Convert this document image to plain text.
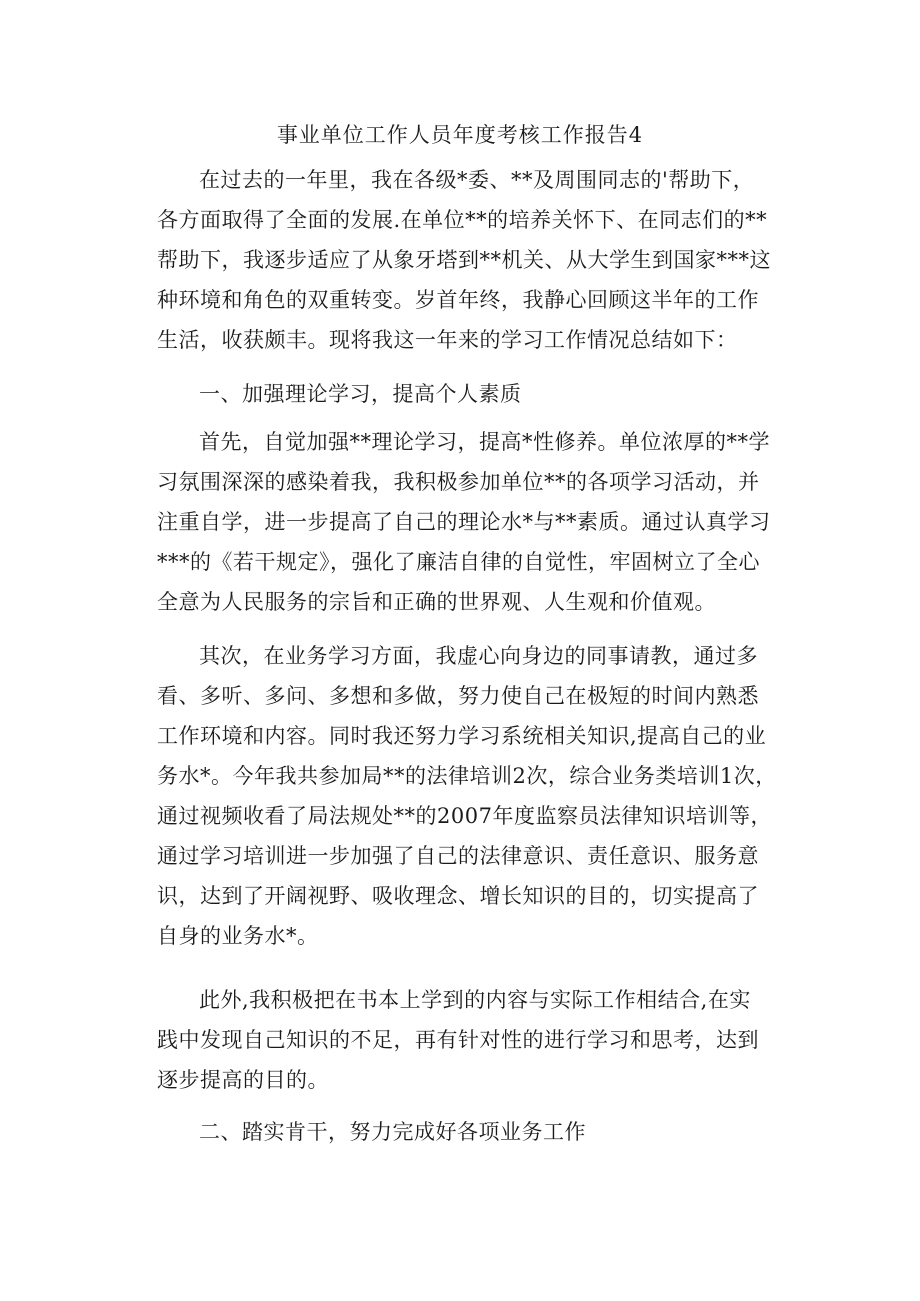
事业单位工作人员年度考核工作报告4
在过去的一年里，我在各级*委、**及周围同志的'帮助下，
各方面取得了全面的发展.在单位**的培养关怀下、在同志们的**
帮助下，我逐步适应了从象牙塔到**机关、从大学生到国家***这
种环境和角色的双重转变。岁首年终，我静心回顾这半年的工作
生活，收获颇丰。现将我这一年来的学习工作情况总结如下：
一、加强理论学习，提高个人素质
首先，自觉加强**理论学习，提高*性修养。单位浓厚的**学
习氛围深深的感染着我，我积极参加单位**的各项学习活动，并
注重自学，进一步提高了自己的理论水*与**素质。通过认真学习
***的《若干规定》，强化了廉洁自律的自觉性，牢固树立了全心
全意为人民服务的宗旨和正确的世界观、人生观和价值观。
其次，在业务学习方面，我虚心向身边的同事请教，通过多
看、多听、多问、多想和多做，努力使自己在极短的时间内熟悉
工作环境和内容。同时我还努力学习系统相关知识,提高自己的业
务水*。今年我共参加局**的法律培训2次，综合业务类培训1次，
通过视频收看了局法规处**的2007年度监察员法律知识培训等，
通过学习培训进一步加强了自己的法律意识、责任意识、服务意
识，达到了开阔视野、吸收理念、增长知识的目的，切实提高了
自身的业务水*。
此外,我积极把在书本上学到的内容与实际工作相结合,在实
践中发现自己知识的不足，再有针对性的进行学习和思考，达到
逐步提高的目的。
二、踏实肯干，努力完成好各项业务工作
